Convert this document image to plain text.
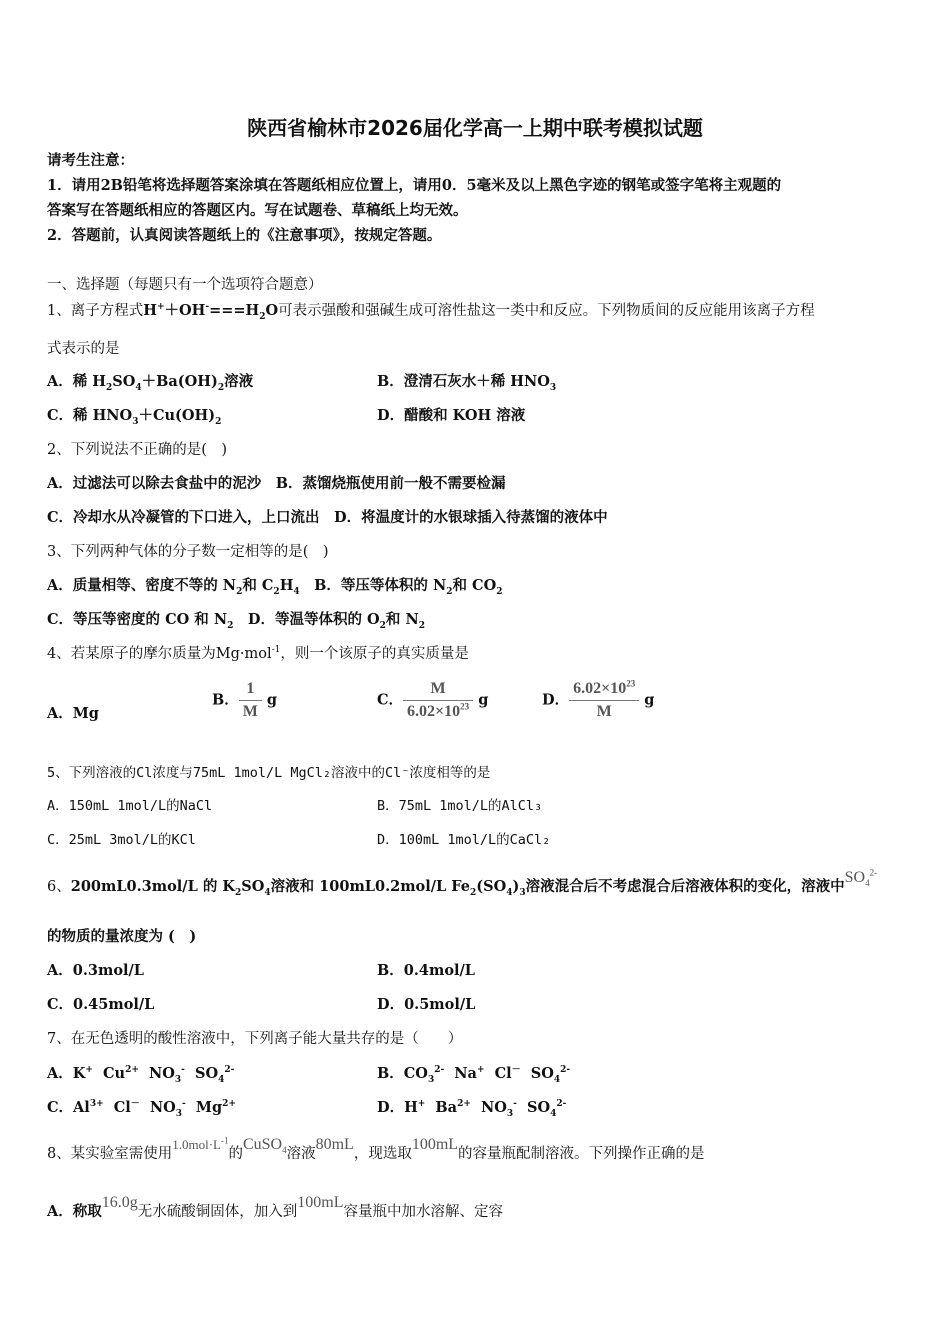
陕西省榆林市2026届化学高一上期中联考模拟试题
请考生注意：
1．请用2B铅笔将选择题答案涂填在答题纸相应位置上，请用0．5毫米及以上黑色字迹的钢笔或签字笔将主观题的
答案写在答题纸相应的答题区内。写在试题卷、草稿纸上均无效。
2．答题前，认真阅读答题纸上的《注意事项》，按规定答题。
一、选择题（每题只有一个选项符合题意）
1、离子方程式$H^++OH^-===H_2O$可表示强酸和强碱生成可溶性盐这一类中和反应。下列物质间的反应能用该离子方程
式表示的是
A．稀 $H_2SO_4+Ba(OH)_2$溶液	B．澄清石灰水＋稀 $HNO_3$
C．稀 $HNO_3+Cu(OH)_2$	D．醋酸和 KOH 溶液
2、下列说法不正确的是(　)
A．过滤法可以除去食盐中的泥沙　B．蒸馏烧瓶使用前一般不需要检漏
C．冷却水从冷凝管的下口进入，上口流出　D．将温度计的水银球插入待蒸馏的液体中
3、下列两种气体的分子数一定相等的是(　)
A．质量相等、密度不等的 $N_2$和 $C_2H_4$　B．等压等体积的 $N_2$和 $CO_2$
C．等压等密度的 CO 和 $N_2$　D．等温等体积的 $O_2$和 $N_2$
4、若某原子的摩尔质量为Mg·mol$^{-1}$，则一个该原子的真实质量是
A．Mg
B． $\frac{1}{M}$ g	C． $\frac{M}{6.02\times 10^{23}}$ g	D． $\frac{6.02\times 10^{23}}{M}$ g
5、下列溶液的Cl浓度与75mL 1mol/L MgCl₂溶液中的Cl⁻浓度相等的是
A．150mL 1mol/L的NaCl	B．75mL 1mol/L的AlCl₃
C．25mL 3mol/L的KCl	D．100mL 1mol/L的CaCl₂
6、200mL0.3mol/L 的 $K_2SO_4$溶液和 100mL0.2mol/L $Fe_2(SO_4)_3$溶液混合后不考虑混合后溶液体积的变化，溶液中$SO_4^{2-}$
的物质的量浓度为 (　)
A．0.3mol/L	B．0.4mol/L
C．0.45mol/L	D．0.5mol/L
7、在无色透明的酸性溶液中，下列离子能大量共存的是（　　）
A．K+  $Cu^{2+}$  $NO_3^-$  $SO_4^{2-}$	B．$CO_3^{2-}$  Na+  Cl－  $SO_4^{2-}$
C．$Al^{3+}$  Cl－  $NO_3^-$  $Mg^{2+}$	D．H+  $Ba^{2+}$  $NO_3^-$  $SO_4^{2-}$
8、某实验室需使用$1.0mol\cdot L^{-1}$的CuSO$_4$溶液80mL，现选取100mL的容量瓶配制溶液。下列操作正确的是
A．称取16.0g无水硫酸铜固体，加入到100mL容量瓶中加水溶解、定容
